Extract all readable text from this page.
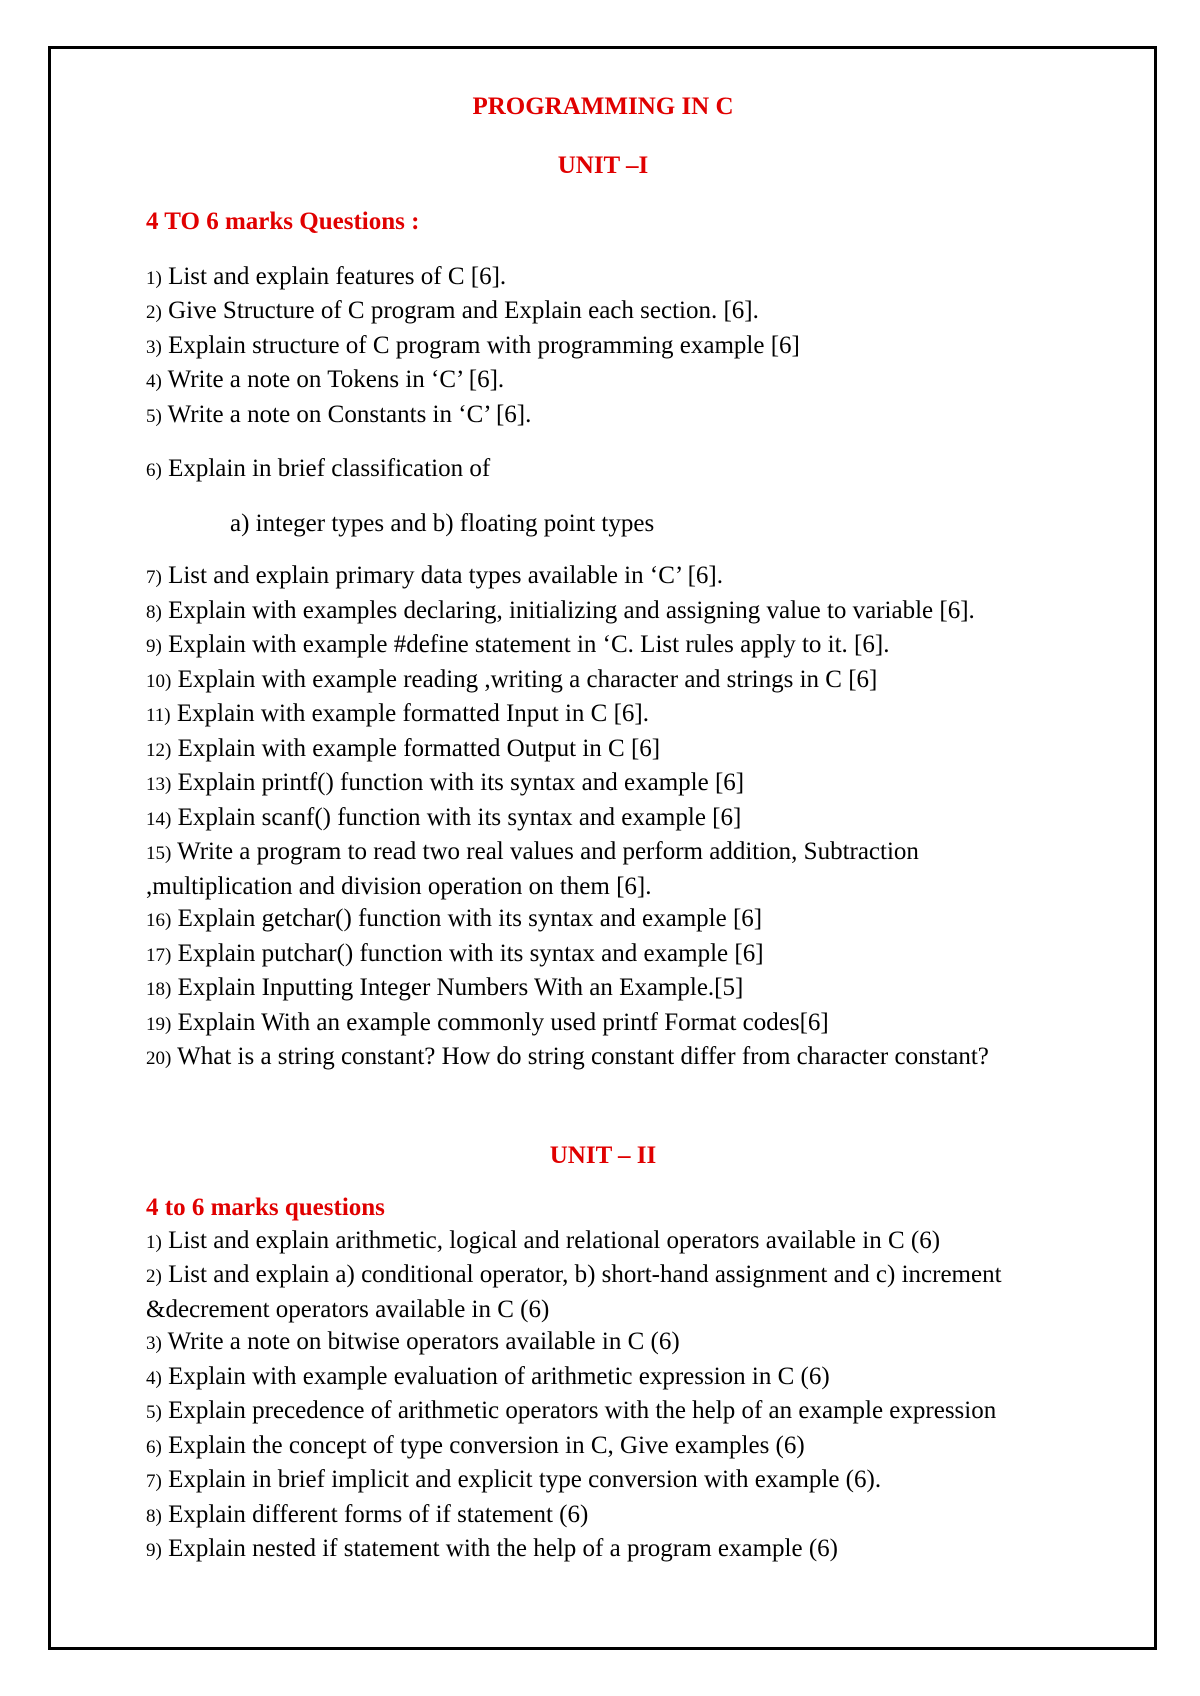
PROGRAMMING IN C

UNIT –I

4 TO 6 marks Questions :

1) List and explain features of C [6].

2) Give Structure of C program and Explain each section. [6].

3) Explain structure of C program with programming example [6]

4) Write a note on Tokens in ‘C’ [6].

5) Write a note on Constants in ‘C’ [6].

6) Explain in brief classification of

a) integer types and b) floating point types

7) List and explain primary data types available in ‘C’ [6].

8) Explain with examples declaring, initializing and assigning value to variable [6].

9) Explain with example #define statement in ‘C. List rules apply to it. [6].

10) Explain with example reading ,writing a character and strings in C [6]

11) Explain with example formatted Input in C [6].

12) Explain with example formatted Output in C [6]

13) Explain printf() function with its syntax and example [6]

14) Explain scanf() function with its syntax and example [6]

15) Write a program to read two real values and perform addition, Subtraction ,multiplication and division operation on them [6].

16) Explain getchar() function with its syntax and example [6]

17) Explain putchar() function with its syntax and example [6]

18) Explain Inputting Integer Numbers With an Example.[5]

19) Explain With an example commonly used printf Format codes[6]

20) What is a string constant? How do string constant differ from character constant?

UNIT – II

4 to 6 marks questions

1) List and explain arithmetic, logical and relational operators available in C (6)

2) List and explain a) conditional operator, b) short-hand assignment and c) increment &decrement operators available in C (6)

3) Write a note on bitwise operators available in C (6)

4) Explain with example evaluation of arithmetic expression in C (6)

5) Explain precedence of arithmetic operators with the help of an example expression

6) Explain the concept of type conversion in C, Give examples (6)

7) Explain in brief implicit and explicit type conversion with example (6).

8) Explain different forms of if statement (6)

9) Explain nested if statement with the help of a program example (6)
